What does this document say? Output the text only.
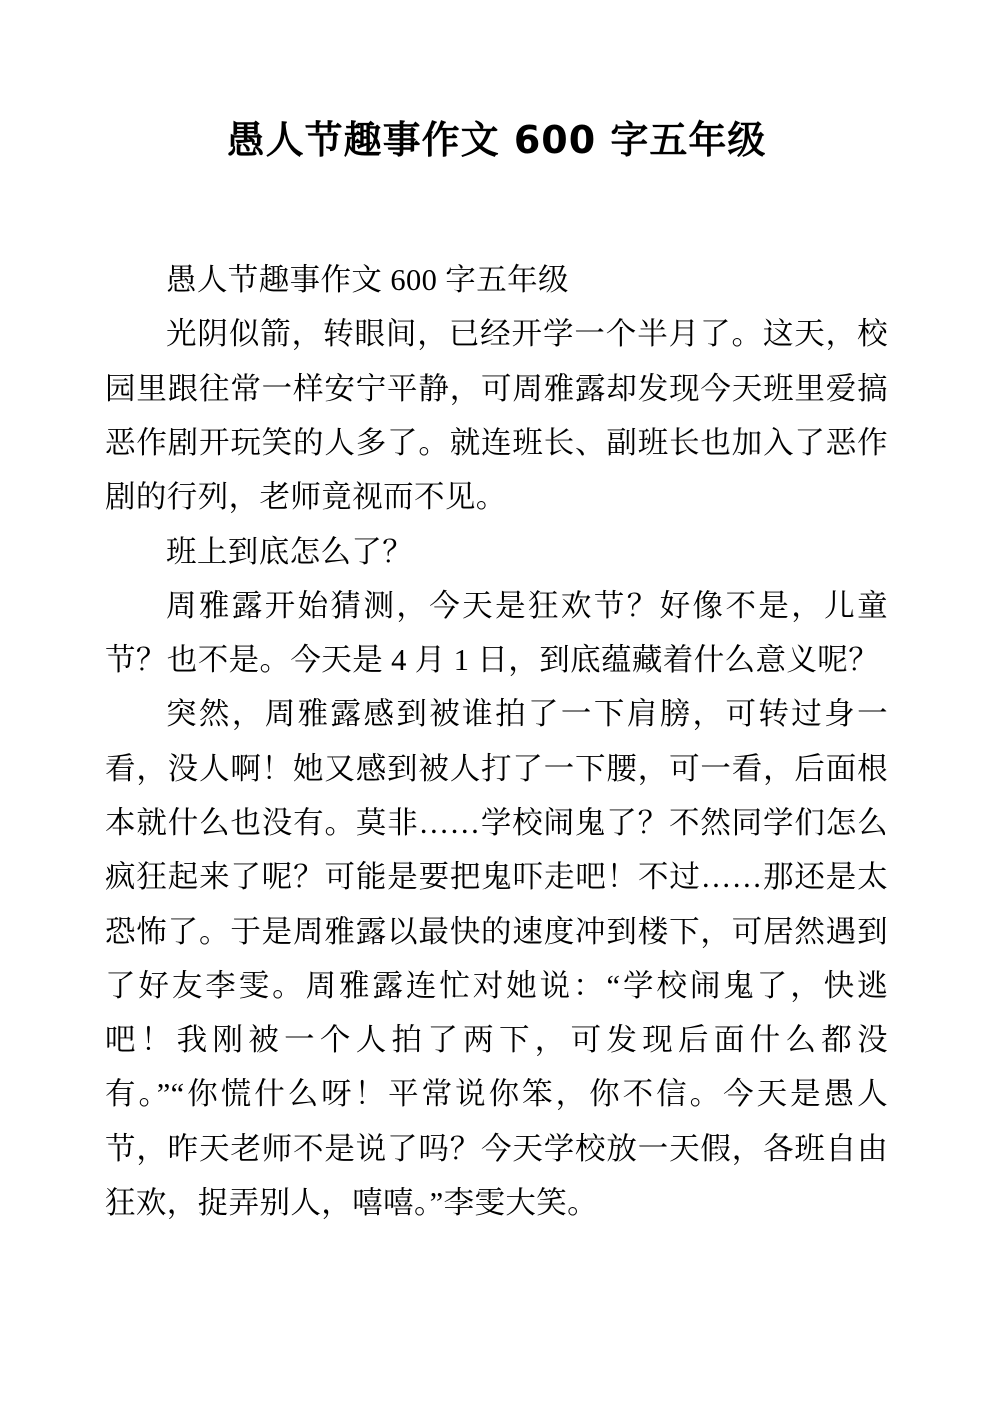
愚人节趣事作文 600 字五年级

愚人节趣事作文 600 字五年级

光阴似箭，转眼间，已经开学一个半月了。这天，校园里跟往常一样安宁平静，可周雅露却发现今天班里爱搞恶作剧开玩笑的人多了。就连班长、副班长也加入了恶作剧的行列，老师竟视而不见。

班上到底怎么了？

周雅露开始猜测，今天是狂欢节？好像不是，儿童节？也不是。今天是 4 月 1 日，到底蕴藏着什么意义呢？

突然，周雅露感到被谁拍了一下肩膀，可转过身一看，没人啊！她又感到被人打了一下腰，可一看，后面根本就什么也没有。莫非……学校闹鬼了？不然同学们怎么疯狂起来了呢？可能是要把鬼吓走吧！不过……那还是太恐怖了。于是周雅露以最快的速度冲到楼下，可居然遇到了好友李雯。周雅露连忙对她说：“学校闹鬼了，快逃吧！我刚被一个人拍了两下，可发现后面什么都没有。”“你慌什么呀！平常说你笨，你不信。今天是愚人节，昨天老师不是说了吗？今天学校放一天假，各班自由狂欢，捉弄别人，嘻嘻。”李雯大笑。
